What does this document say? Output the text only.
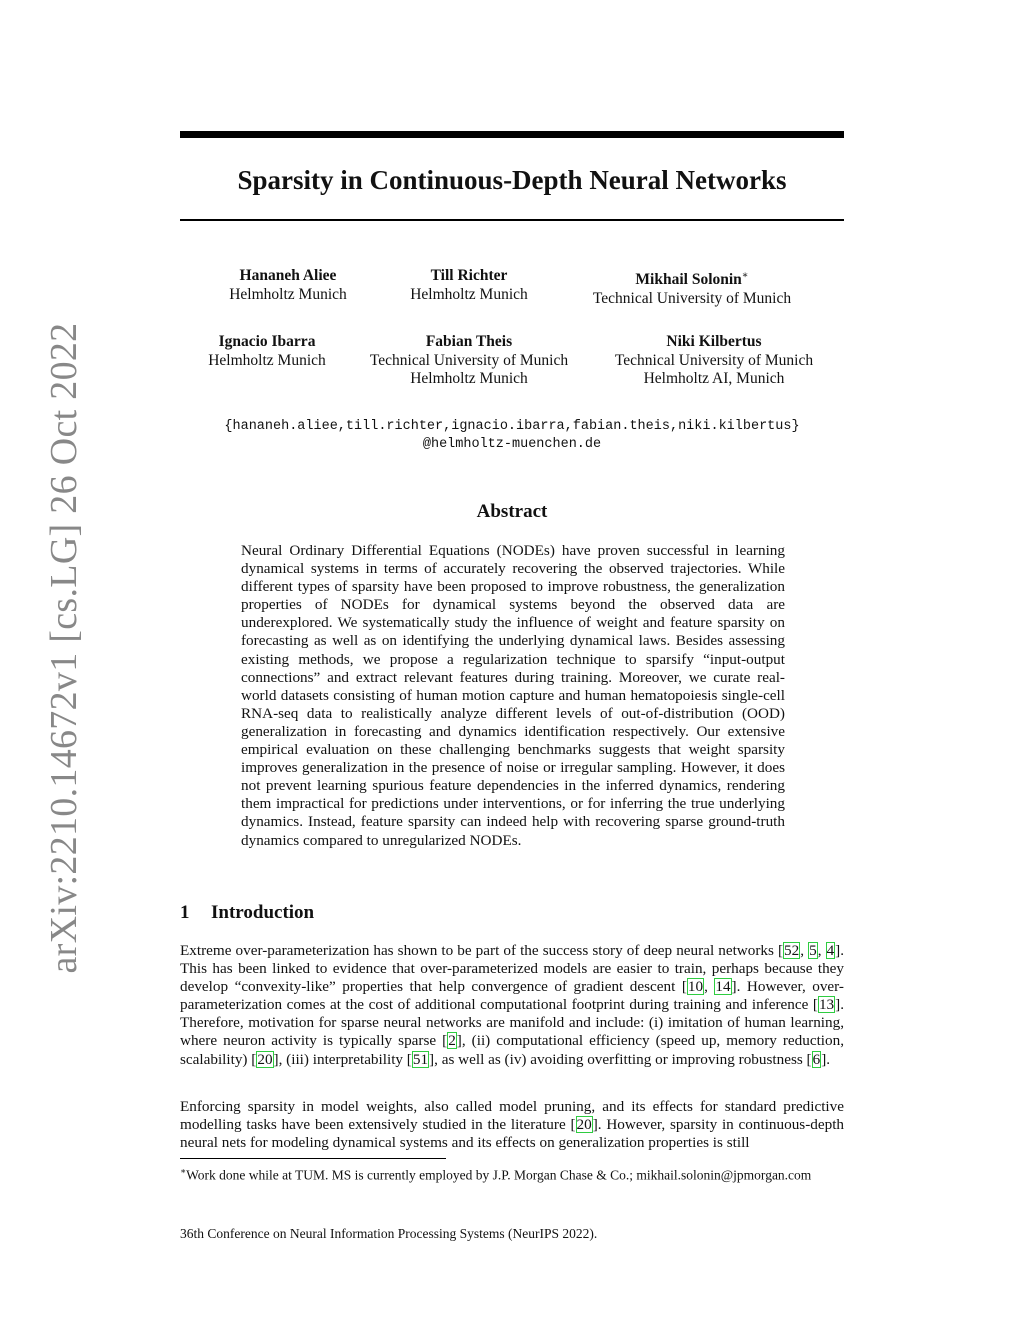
arXiv:2210.14672v1 [cs.LG] 26 Oct 2022
Sparsity in Continuous-Depth Neural Networks
Hananeh Aliee
Helmholtz Munich
Till Richter
Helmholtz Munich
Mikhail Solonin∗
Technical University of Munich
Ignacio Ibarra
Helmholtz Munich
Fabian Theis
Technical University of Munich
Helmholtz Munich
Niki Kilbertus
Technical University of Munich
Helmholtz AI, Munich
{hananeh.aliee,till.richter,ignacio.ibarra,fabian.theis,niki.kilbertus}
@helmholtz-muenchen.de
Abstract
Neural Ordinary Differential Equations (NODEs) have proven successful in learning dynamical systems in terms of accurately recovering the observed trajectories. While different types of sparsity have been proposed to improve robustness, the generalization properties of NODEs for dynamical systems beyond the observed data are underexplored. We systematically study the influence of weight and feature sparsity on forecasting as well as on identifying the underlying dynamical laws. Besides assessing existing methods, we propose a regularization technique to sparsify “input-output connections” and extract relevant features during training. Moreover, we curate real-world datasets consisting of human motion capture and human hematopoiesis single-cell RNA-seq data to realistically analyze different levels of out-of-distribution (OOD) generalization in forecasting and dynamics identification respectively. Our extensive empirical evaluation on these challenging benchmarks suggests that weight sparsity improves generalization in the presence of noise or irregular sampling. However, it does not prevent learning spurious feature dependencies in the inferred dynamics, rendering them impractical for predictions under interventions, or for inferring the true underlying dynamics. Instead, feature sparsity can indeed help with recovering sparse ground-truth dynamics compared to unregularized NODEs.
1 Introduction
Extreme over-parameterization has shown to be part of the success story of deep neural networks [52, 5, 4]. This has been linked to evidence that over-parameterized models are easier to train, perhaps because they develop “convexity-like” properties that help convergence of gradient descent [10, 14]. However, over-parameterization comes at the cost of additional computational footprint during training and inference [13]. Therefore, motivation for sparse neural networks are manifold and include: (i) imitation of human learning, where neuron activity is typically sparse [2], (ii) computational efficiency (speed up, memory reduction, scalability) [20], (iii) interpretability [51], as well as (iv) avoiding overfitting or improving robustness [6].
Enforcing sparsity in model weights, also called model pruning, and its effects for standard predictive modelling tasks have been extensively studied in the literature [20]. However, sparsity in continuous-depth neural nets for modeling dynamical systems and its effects on generalization properties is still
∗Work done while at TUM. MS is currently employed by J.P. Morgan Chase & Co.; mikhail.solonin@jpmorgan.com
36th Conference on Neural Information Processing Systems (NeurIPS 2022).
